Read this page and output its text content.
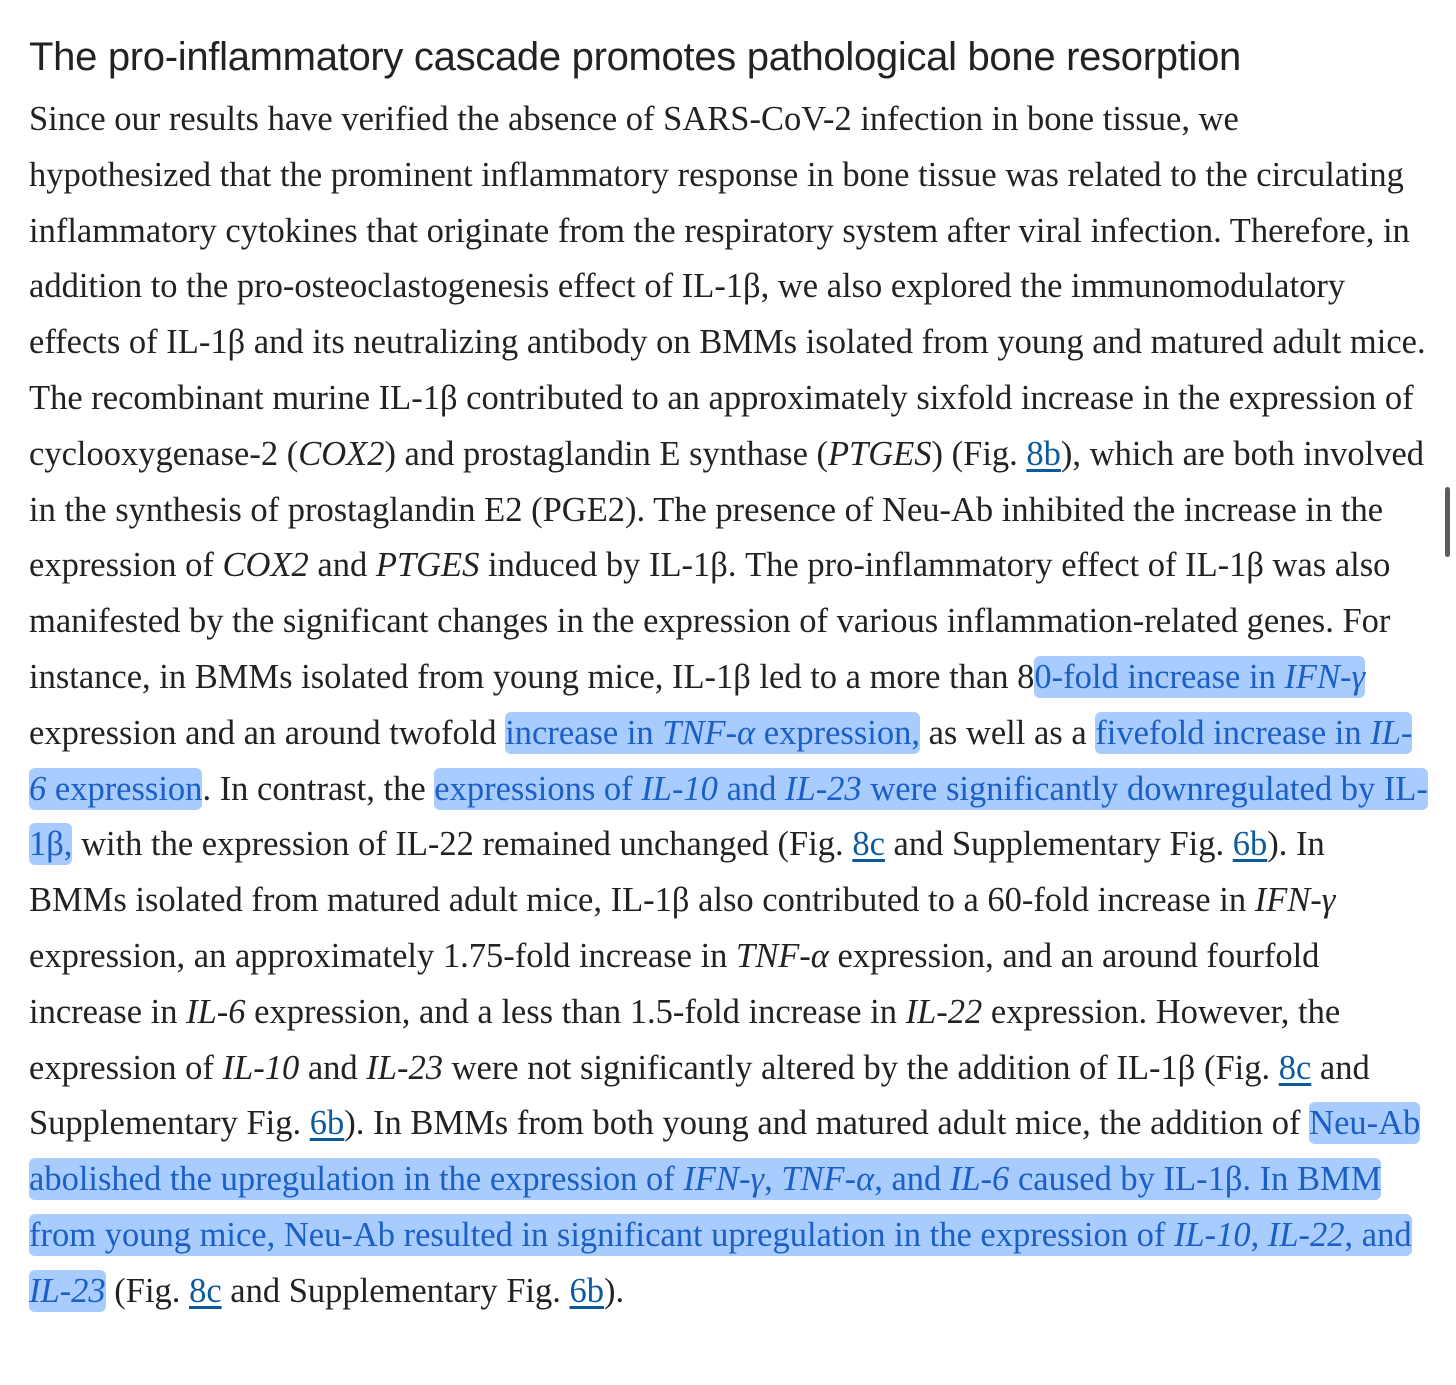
The pro-inflammatory cascade promotes pathological bone resorption

Since our results have verified the absence of SARS-CoV-2 infection in bone tissue, we hypothesized that the prominent inflammatory response in bone tissue was related to the circulating inflammatory cytokines that originate from the respiratory system after viral infection. Therefore, in addition to the pro-osteoclastogenesis effect of IL-1β, we also explored the immunomodulatory effects of IL-1β and its neutralizing antibody on BMMs isolated from young and matured adult mice. The recombinant murine IL-1β contributed to an approximately sixfold increase in the expression of cyclooxygenase-2 (COX2) and prostaglandin E synthase (PTGES) (Fig. 8b), which are both involved in the synthesis of prostaglandin E2 (PGE2). The presence of Neu-Ab inhibited the increase in the expression of COX2 and PTGES induced by IL-1β. The pro-inflammatory effect of IL-1β was also manifested by the significant changes in the expression of various inflammation-related genes. For instance, in BMMs isolated from young mice, IL-1β led to a more than 80-fold increase in IFN-γ expression and an around twofold increase in TNF-α expression, as well as a fivefold increase in IL-6 expression. In contrast, the expressions of IL-10 and IL-23 were significantly downregulated by IL-1β, with the expression of IL-22 remained unchanged (Fig. 8c and Supplementary Fig. 6b). In BMMs isolated from matured adult mice, IL-1β also contributed to a 60-fold increase in IFN-γ expression, an approximately 1.75-fold increase in TNF-α expression, and an around fourfold increase in IL-6 expression, and a less than 1.5-fold increase in IL-22 expression. However, the expression of IL-10 and IL-23 were not significantly altered by the addition of IL-1β (Fig. 8c and Supplementary Fig. 6b). In BMMs from both young and matured adult mice, the addition of Neu-Ab abolished the upregulation in the expression of IFN-γ, TNF-α, and IL-6 caused by IL-1β. In BMM from young mice, Neu-Ab resulted in significant upregulation in the expression of IL-10, IL-22, and IL-23 (Fig. 8c and Supplementary Fig. 6b).
